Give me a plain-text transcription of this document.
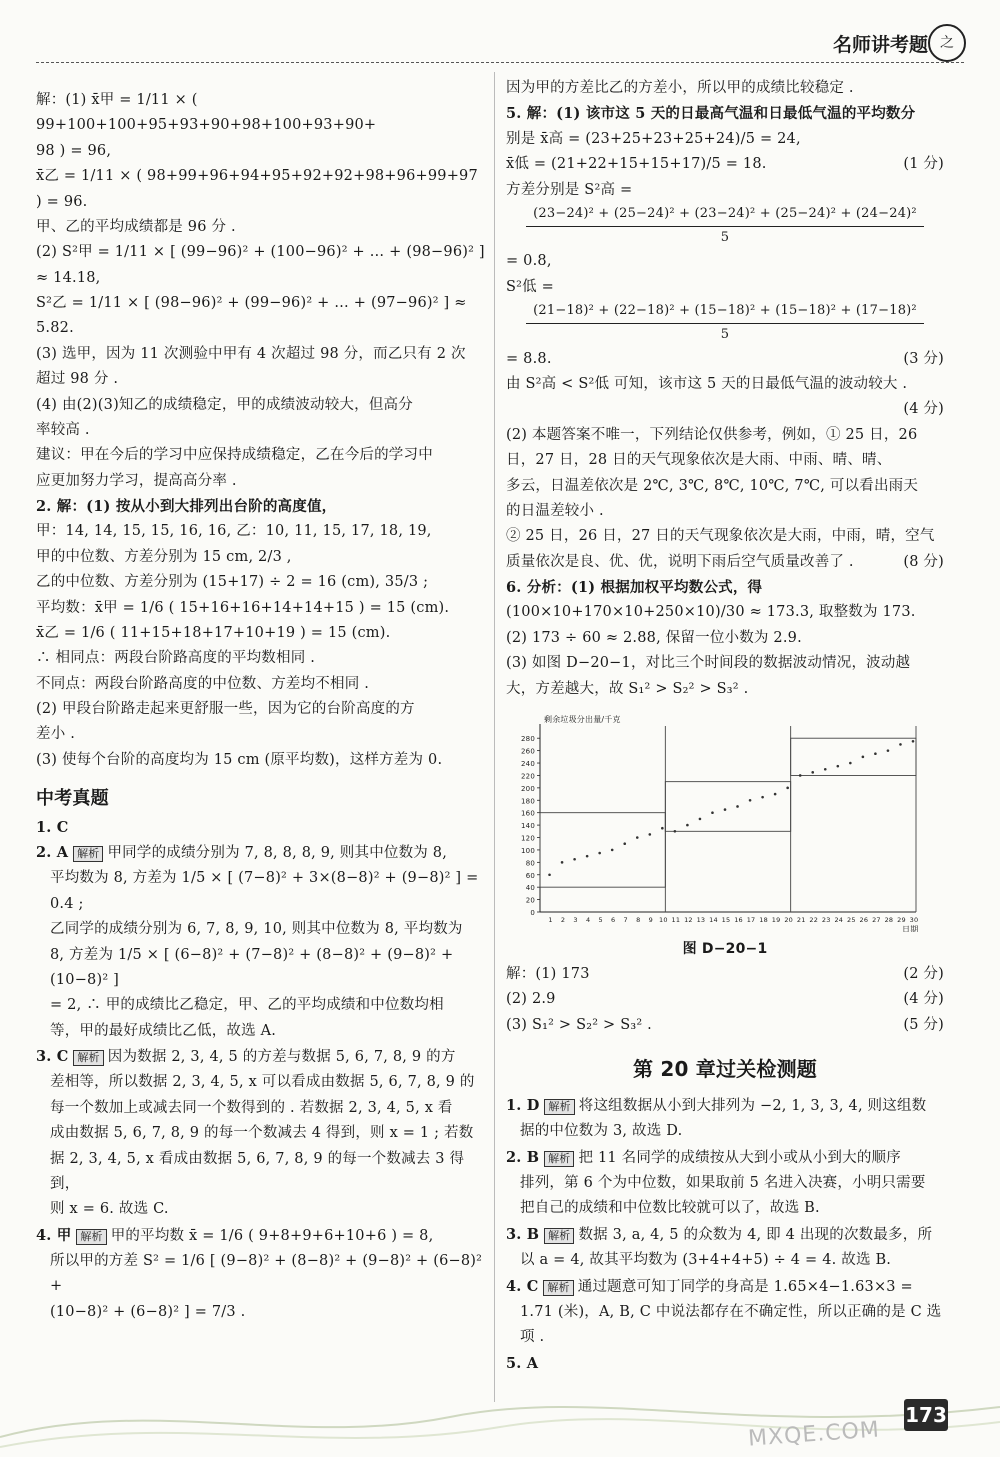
名师讲考题 之

解：(1) x̄甲 = 1/11 × ( 99+100+100+95+93+90+98+100+93+90+

98 ) = 96,

x̄乙 = 1/11 × ( 98+99+96+94+95+92+92+98+96+99+97 ) = 96.

甲、乙的平均成绩都是 96 分 .

(2) S²甲 = 1/11 × [ (99−96)² + (100−96)² + … + (98−96)² ]

≈ 14.18,

S²乙 = 1/11 × [ (98−96)² + (99−96)² + … + (97−96)² ] ≈ 5.82.

(3) 选甲，因为 11 次测验中甲有 4 次超过 98 分，而乙只有 2 次

超过 98 分 .

(4) 由(2)(3)知乙的成绩稳定，甲的成绩波动较大，但高分

率较高 .

建议：甲在今后的学习中应保持成绩稳定，乙在今后的学习中

应更加努力学习，提高高分率 .

2. 解：(1) 按从小到大排列出台阶的高度值，

甲：14, 14, 15, 15, 16, 16, 乙：10, 11, 15, 17, 18, 19,

甲的中位数、方差分别为 15 cm, 2/3 ,

乙的中位数、方差分别为 (15+17) ÷ 2 = 16 (cm), 35/3 ;

平均数：x̄甲 = 1/6 ( 15+16+16+14+14+15 ) = 15 (cm).

x̄乙 = 1/6 ( 11+15+18+17+10+19 ) = 15 (cm).

∴ 相同点：两段台阶路高度的平均数相同 .

不同点：两段台阶路高度的中位数、方差均不相同 .

(2) 甲段台阶路走起来更舒服一些，因为它的台阶高度的方

差小 .

(3) 使每个台阶的高度均为 15 cm (原平均数)，这样方差为 0.

中考真题

1. C

2. A 解析 甲同学的成绩分别为 7, 8, 8, 8, 9, 则其中位数为 8,

平均数为 8, 方差为 1/5 × [ (7−8)² + 3×(8−8)² + (9−8)² ] = 0.4 ;

乙同学的成绩分别为 6, 7, 8, 9, 10, 则其中位数为 8, 平均数为

8, 方差为 1/5 × [ (6−8)² + (7−8)² + (8−8)² + (9−8)² + (10−8)² ]

= 2, ∴ 甲的成绩比乙稳定，甲、乙的平均成绩和中位数均相

等，甲的最好成绩比乙低，故选 A.

3. C 解析 因为数据 2, 3, 4, 5 的方差与数据 5, 6, 7, 8, 9 的方

差相等，所以数据 2, 3, 4, 5, x 可以看成由数据 5, 6, 7, 8, 9 的

每一个数加上或减去同一个数得到的 . 若数据 2, 3, 4, 5, x 看

成由数据 5, 6, 7, 8, 9 的每一个数减去 4 得到，则 x = 1 ; 若数

据 2, 3, 4, 5, x 看成由数据 5, 6, 7, 8, 9 的每一个数减去 3 得到，

则 x = 6. 故选 C.

4. 甲 解析 甲的平均数 x̄ = 1/6 ( 9+8+9+6+10+6 ) = 8,

所以甲的方差 S² = 1/6 [ (9−8)² + (8−8)² + (9−8)² + (6−8)² +

(10−8)² + (6−8)² ] = 7/3 .

因为甲的方差比乙的方差小，所以甲的成绩比较稳定 .

5. 解：(1) 该市这 5 天的日最高气温和日最低气温的平均数分

别是 x̄高 = (23+25+23+25+24)/5 = 24,

x̄低 = (21+22+15+15+17)/5 = 18.	(1 分)

方差分别是 S²高 =

(23−24)² + (25−24)² + (23−24)² + (25−24)² + (24−24)²
5

= 0.8,

S²低 =

(21−18)² + (22−18)² + (15−18)² + (15−18)² + (17−18)²
5

= 8.8.	(3 分)

由 S²高 < S²低 可知，该市这 5 天的日最低气温的波动较大 .

(4 分)

(2) 本题答案不唯一，下列结论仅供参考，例如，① 25 日，26

日，27 日，28 日的天气现象依次是大雨、中雨、晴、晴、

多云，日温差依次是 2℃, 3℃, 8℃, 10℃, 7℃, 可以看出雨天

的日温差较小 .

② 25 日，26 日，27 日的天气现象依次是大雨，中雨，晴，空气

质量依次是良、优、优，说明下雨后空气质量改善了 .	(8 分)

6. 分析：(1) 根据加权平均数公式，得

(100×10+170×10+250×10)/30 ≈ 173.3, 取整数为 173.

(2) 173 ÷ 60 ≈ 2.88, 保留一位小数为 2.9.

(3) 如图 D−20−1，对比三个时间段的数据波动情况，波动越

大，方差越大，故 S₁² > S₂² > S₃² .

剩余垃圾分出量/千克
日期
0
20
40
60
80
100
120
140
160
180
200
220
240
260
280
1 2 3 4 5 6 7 8 9 10 11 12 13 14 15 16 17 18 19 20 21 22 23 24 25 26 27 28 29 30

图 D−20−1

解：(1) 173	(2 分)

(2) 2.9	(4 分)

(3) S₁² > S₂² > S₃² .	(5 分)

第 20 章过关检测题

1. D 解析 将这组数据从小到大排列为 −2, 1, 3, 3, 4, 则这组数

据的中位数为 3, 故选 D.

2. B 解析 把 11 名同学的成绩按从大到小或从小到大的顺序

排列，第 6 个为中位数，如果取前 5 名进入决赛，小明只需要

把自己的成绩和中位数比较就可以了，故选 B.

3. B 解析 数据 3, a, 4, 5 的众数为 4, 即 4 出现的次数最多，所

以 a = 4, 故其平均数为 (3+4+4+5) ÷ 4 = 4. 故选 B.

4. C 解析 通过题意可知丁同学的身高是 1.65×4−1.63×3 =

1.71 (米)，A, B, C 中说法都存在不确定性，所以正确的是 C 选项 .

5. A

MXQE.COM
173
